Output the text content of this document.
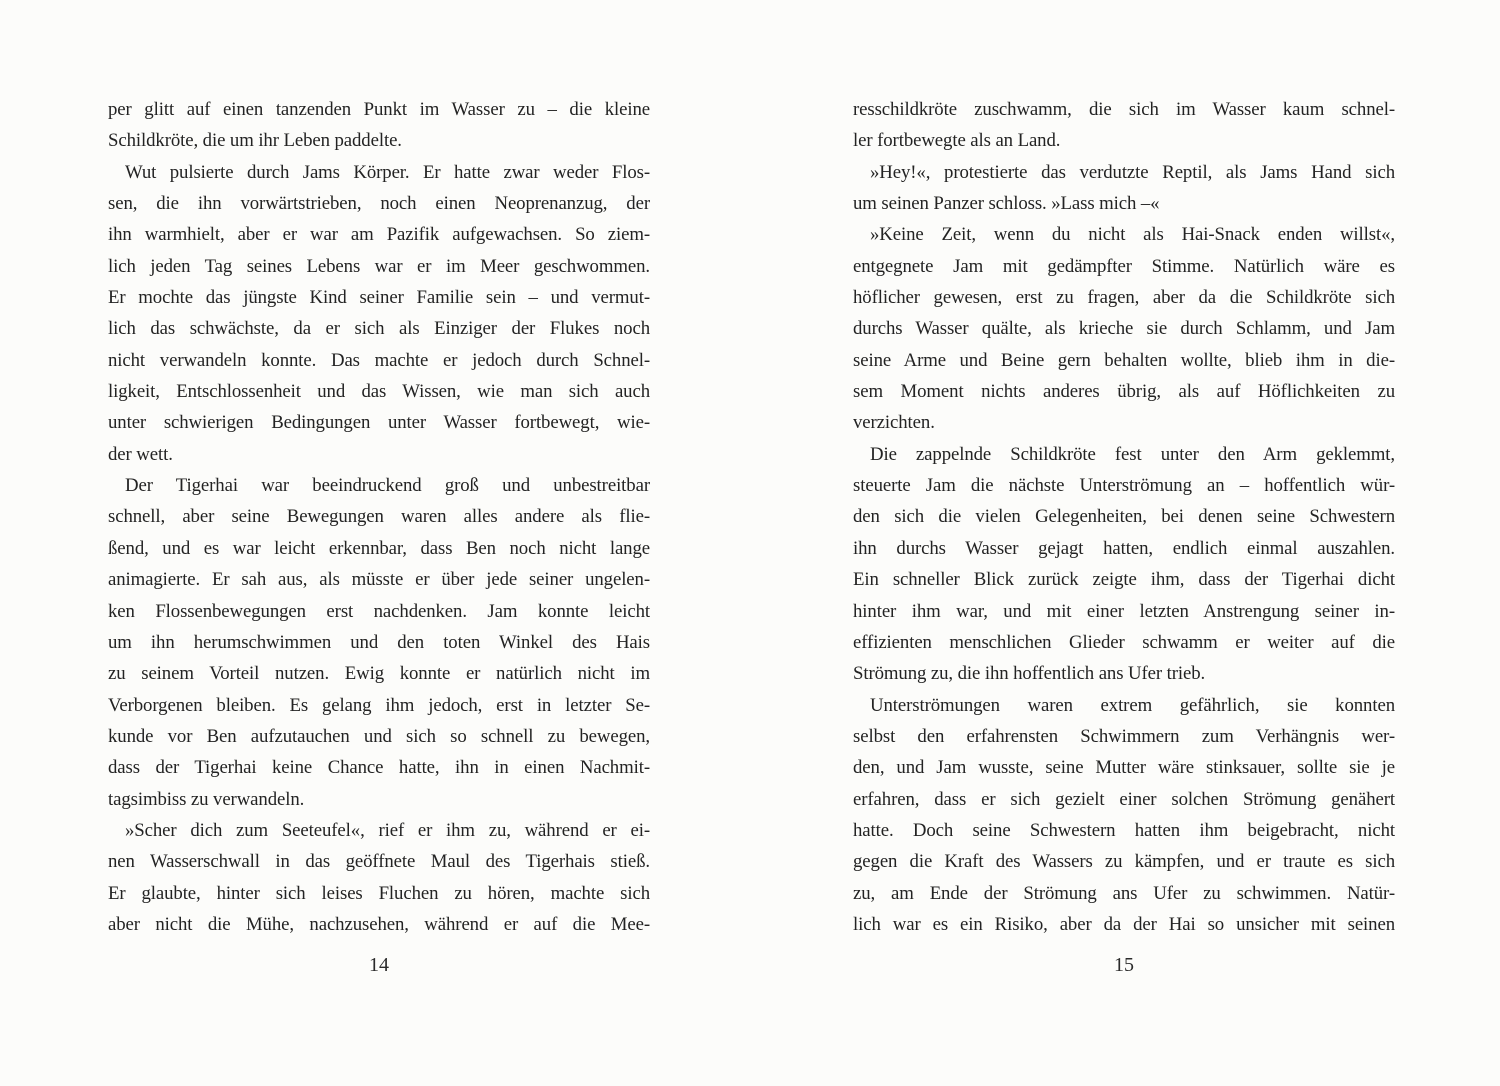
per glitt auf einen tanzenden Punkt im Wasser zu – die kleine
Schildkröte, die um ihr Leben paddelte.
Wut pulsierte durch Jams Körper. Er hatte zwar weder Flos-
sen, die ihn vorwärtstrieben, noch einen Neoprenanzug, der
ihn warmhielt, aber er war am Pazifik aufgewachsen. So ziem-
lich jeden Tag seines Lebens war er im Meer geschwommen.
Er mochte das jüngste Kind seiner Familie sein – und vermut-
lich das schwächste, da er sich als Einziger der Flukes noch
nicht verwandeln konnte. Das machte er jedoch durch Schnel-
ligkeit, Entschlossenheit und das Wissen, wie man sich auch
unter schwierigen Bedingungen unter Wasser fortbewegt, wie-
der wett.
Der Tigerhai war beeindruckend groß und unbestreitbar
schnell, aber seine Bewegungen waren alles andere als flie-
ßend, und es war leicht erkennbar, dass Ben noch nicht lange
animagierte. Er sah aus, als müsste er über jede seiner ungelen-
ken Flossenbewegungen erst nachdenken. Jam konnte leicht
um ihn herumschwimmen und den toten Winkel des Hais
zu seinem Vorteil nutzen. Ewig konnte er natürlich nicht im
Verborgenen bleiben. Es gelang ihm jedoch, erst in letzter Se-
kunde vor Ben aufzutauchen und sich so schnell zu bewegen,
dass der Tigerhai keine Chance hatte, ihn in einen Nachmit-
tagsimbiss zu verwandeln.
»Scher dich zum Seeteufel«, rief er ihm zu, während er ei-
nen Wasserschwall in das geöffnete Maul des Tigerhais stieß.
Er glaubte, hinter sich leises Fluchen zu hören, machte sich
aber nicht die Mühe, nachzusehen, während er auf die Mee-
14
resschildkröte zuschwamm, die sich im Wasser kaum schnel-
ler fortbewegte als an Land.
»Hey!«, protestierte das verdutzte Reptil, als Jams Hand sich
um seinen Panzer schloss. »Lass mich –«
»Keine Zeit, wenn du nicht als Hai-Snack enden willst«,
entgegnete Jam mit gedämpfter Stimme. Natürlich wäre es
höflicher gewesen, erst zu fragen, aber da die Schildkröte sich
durchs Wasser quälte, als krieche sie durch Schlamm, und Jam
seine Arme und Beine gern behalten wollte, blieb ihm in die-
sem Moment nichts anderes übrig, als auf Höflichkeiten zu
verzichten.
Die zappelnde Schildkröte fest unter den Arm geklemmt,
steuerte Jam die nächste Unterströmung an – hoffentlich wür-
den sich die vielen Gelegenheiten, bei denen seine Schwestern
ihn durchs Wasser gejagt hatten, endlich einmal auszahlen.
Ein schneller Blick zurück zeigte ihm, dass der Tigerhai dicht
hinter ihm war, und mit einer letzten Anstrengung seiner in-
effizienten menschlichen Glieder schwamm er weiter auf die
Strömung zu, die ihn hoffentlich ans Ufer trieb.
Unterströmungen waren extrem gefährlich, sie konnten
selbst den erfahrensten Schwimmern zum Verhängnis wer-
den, und Jam wusste, seine Mutter wäre stinksauer, sollte sie je
erfahren, dass er sich gezielt einer solchen Strömung genähert
hatte. Doch seine Schwestern hatten ihm beigebracht, nicht
gegen die Kraft des Wassers zu kämpfen, und er traute es sich
zu, am Ende der Strömung ans Ufer zu schwimmen. Natür-
lich war es ein Risiko, aber da der Hai so unsicher mit seinen
15
